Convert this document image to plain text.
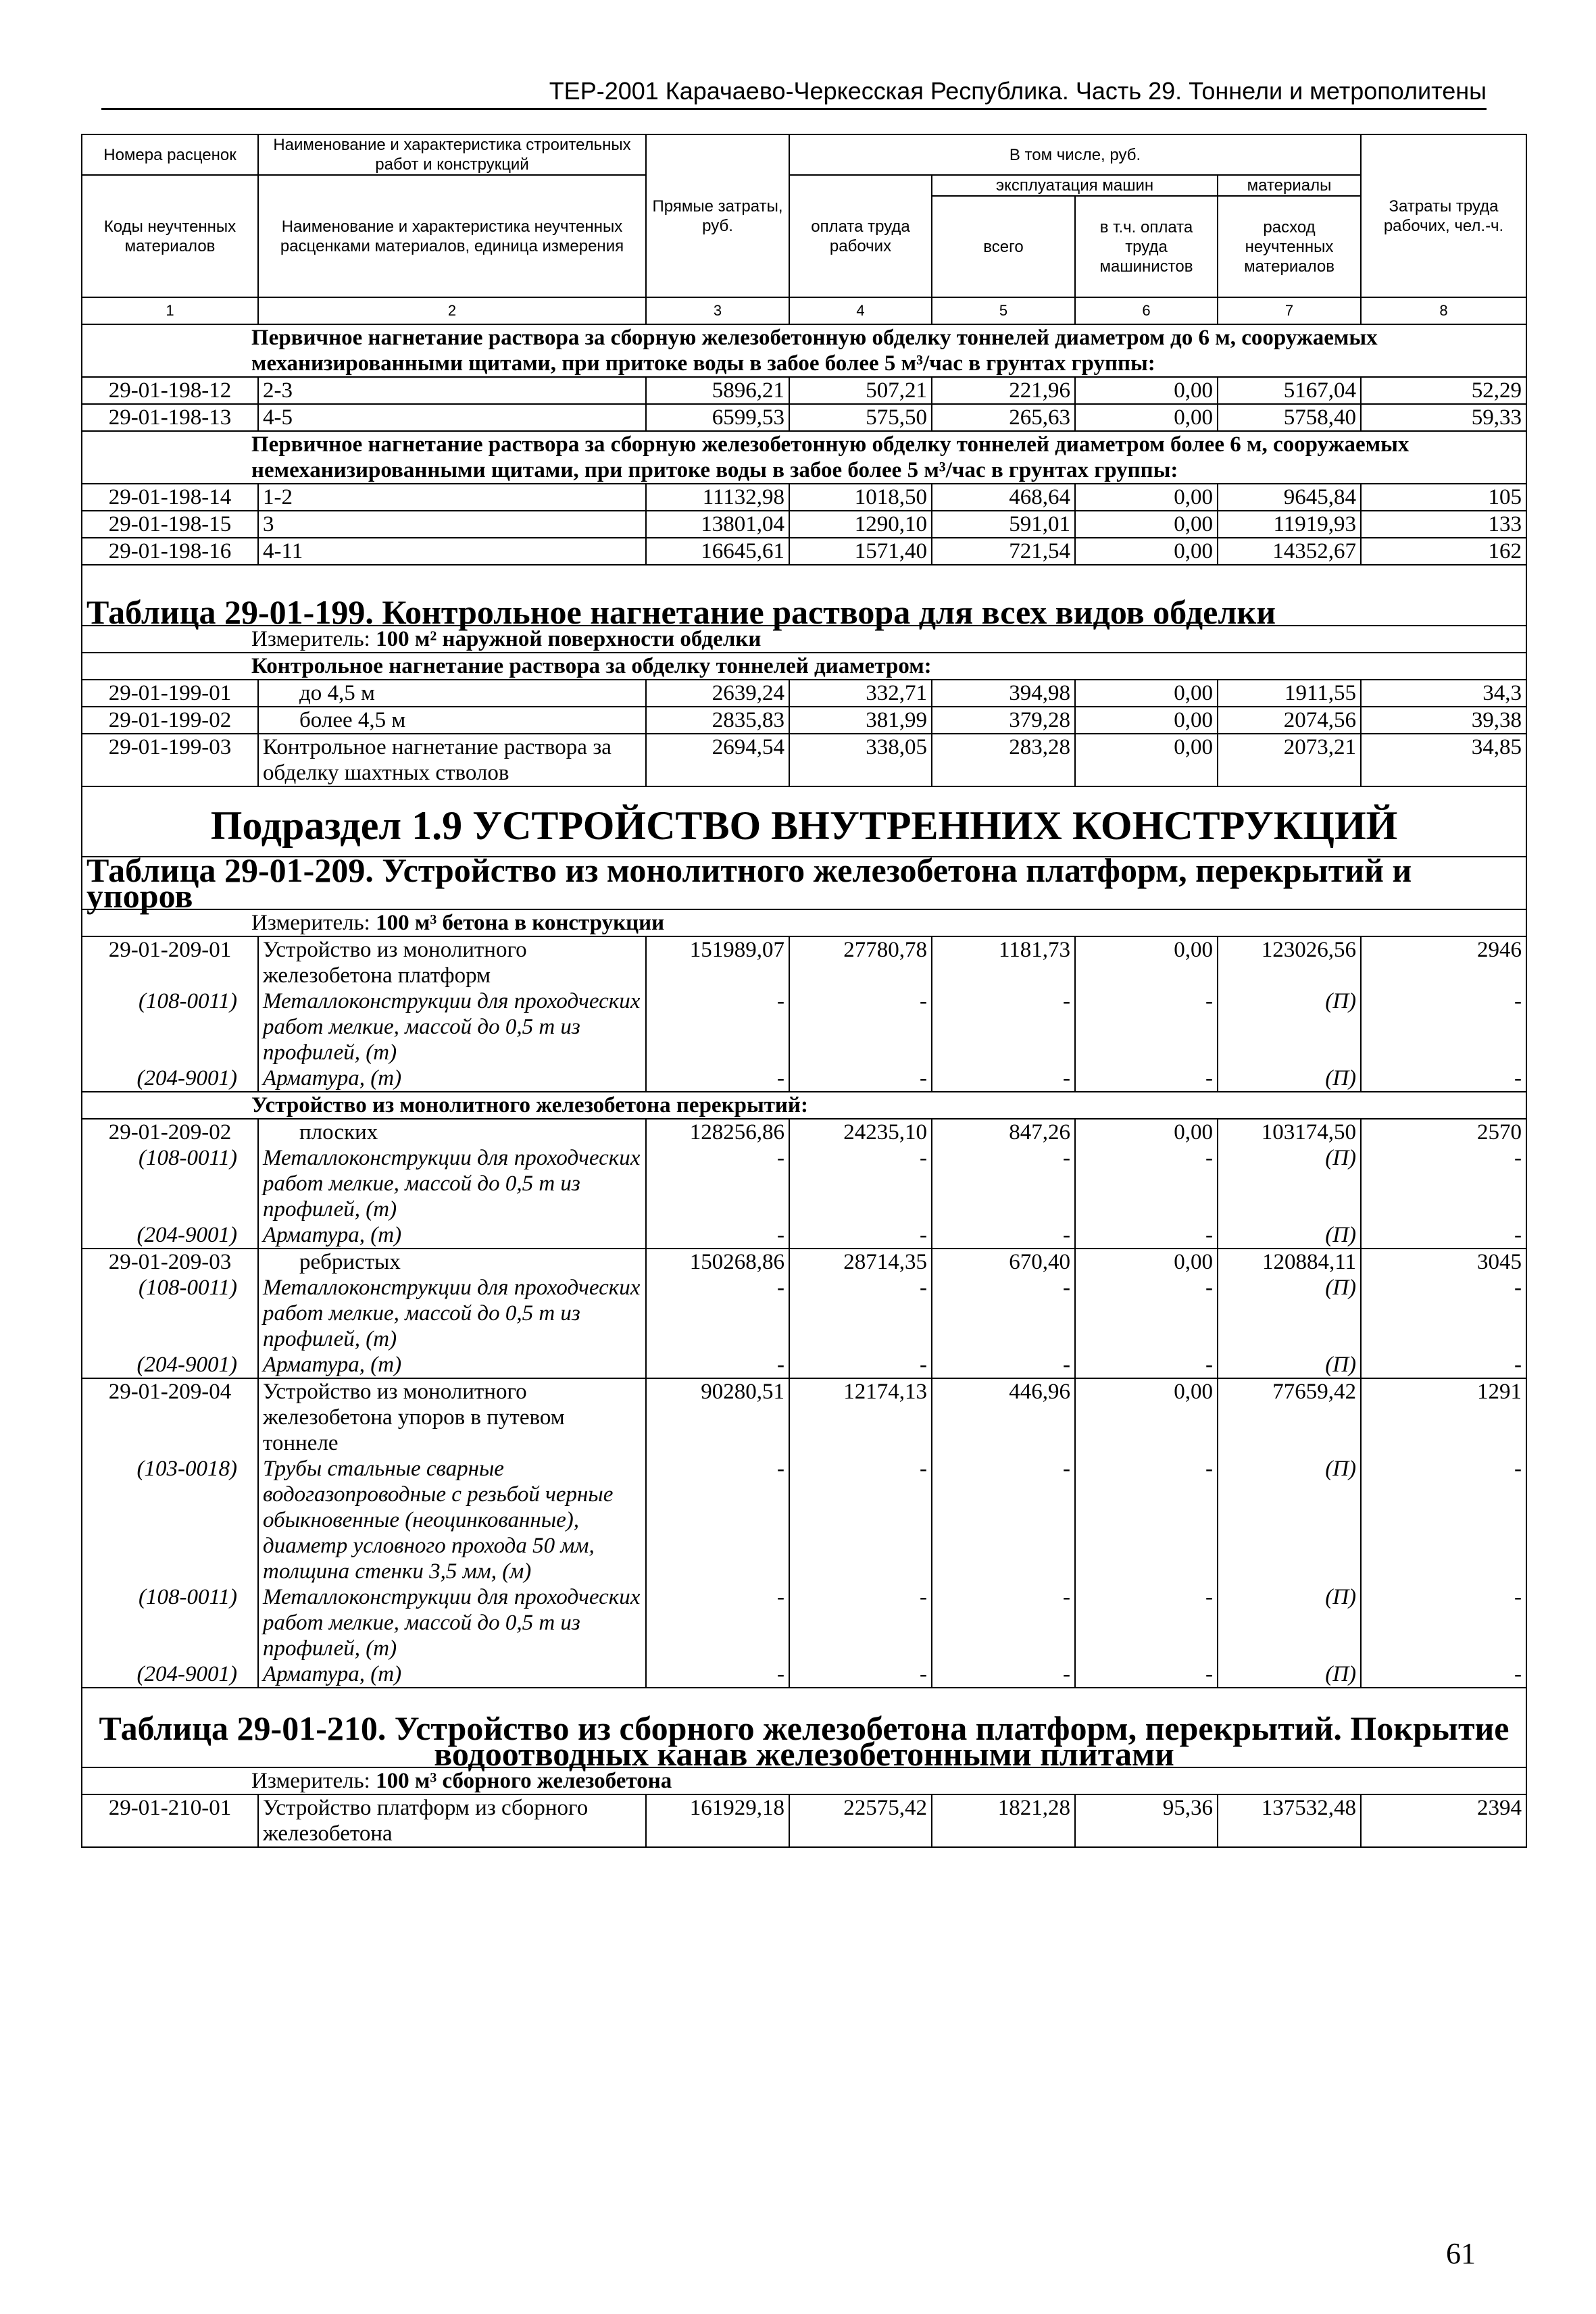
ТЕР-2001 Карачаево-Черкесская Республика. Часть 29. Тоннели и метрополитены
Номера расценок	Наименование и характеристика строительных работ и конструкций	Прямые затраты, руб.	В том числе, руб.				Затраты труда рабочих, чел.-ч.
Коды неучтенных материалов	Наименование и характеристика неучтенных расценками материалов, единица измерения		оплата труда рабочих	эксплуатация машин		материалы	
				всего	в т.ч. оплата труда машинистов	расход неучтенных материалов	

1	2	3	4	5	6	7	8
Первичное нагнетание раствора за сборную железобетонную обделку тоннелей диаметром до 6 м, сооружаемых механизированными щитами, при притоке воды в забое более 5 м³/час в грунтах группы:							
29-01-198-12	2-3	5896,21	507,21	221,96	0,00	5167,04	52,29
29-01-198-13	4-5	6599,53	575,50	265,63	0,00	5758,40	59,33
Первичное нагнетание раствора за сборную железобетонную обделку тоннелей диаметром более 6 м, сооружаемых немеханизированными щитами, при притоке воды в забое более 5 м³/час в грунтах группы:							
29-01-198-14	1-2	11132,98	1018,50	468,64	0,00	9645,84	105
29-01-198-15	3	13801,04	1290,10	591,01	0,00	11919,93	133
29-01-198-16	4-11	16645,61	1571,40	721,54	0,00	14352,67	162
Таблица 29-01-199. Контрольное нагнетание раствора для всех видов обделки							
Измеритель: 100 м² наружной поверхности обделки							
Контрольное нагнетание раствора за обделку тоннелей диаметром:							
29-01-199-01	до 4,5 м	2639,24	332,71	394,98	0,00	1911,55	34,3
29-01-199-02	более 4,5 м	2835,83	381,99	379,28	0,00	2074,56	39,38
29-01-199-03	Контрольное нагнетание раствора за обделку шахтных стволов	2694,54	338,05	283,28	0,00	2073,21	34,85
Подраздел 1.9 УСТРОЙСТВО ВНУТРЕННИХ КОНСТРУКЦИЙ							

Таблица 29-01-209. Устройство из монолитного железобетона платформ, перекрытий и упоров							

Измеритель: 100 м³ бетона в конструкции							
29-01-209-01	Устройство из монолитного железобетона платформ	151989,07	27780,78	1181,73	0,00	123026,56	2946
(108-0011)	Металлоконструкции для проходческих работ мелкие, массой до 0,5 т из профилей, (т)	-	-	-	-	(П)	-
(204-9001)	Арматура, (т)	-	-	-	-	(П)	-
Устройство из монолитного железобетона перекрытий:							
29-01-209-02	плоских	128256,86	24235,10	847,26	0,00	103174,50	2570
(108-0011)	Металлоконструкции для проходческих работ мелкие, массой до 0,5 т из профилей, (т)	-	-	-	-	(П)	-
(204-9001)	Арматура, (т)	-	-	-	-	(П)	-
29-01-209-03	ребристых	150268,86	28714,35	670,40	0,00	120884,11	3045
(108-0011)	Металлоконструкции для проходческих работ мелкие, массой до 0,5 т из профилей, (т)	-	-	-	-	(П)	-
(204-9001)	Арматура, (т)	-	-	-	-	(П)	-
29-01-209-04	Устройство из монолитного железобетона упоров в путевом тоннеле	90280,51	12174,13	446,96	0,00	77659,42	1291
(103-0018)	Трубы стальные сварные водогазопроводные с резьбой черные обыкновенные (неоцинкованные), диаметр условного прохода 50 мм, толщина стенки 3,5 мм, (м)	-	-	-	-	(П)	-
(108-0011)	Металлоконструкции для проходческих работ мелкие, массой до 0,5 т из профилей, (т)	-	-	-	-	(П)	-
(204-9001)	Арматура, (т)	-	-	-	-	(П)	-
Таблица 29-01-210. Устройство из сборного железобетона платформ, перекрытий. Покрытие водоотводных канав железобетонными плитами							
Измеритель: 100 м³ сборного железобетона							
29-01-210-01	Устройство платформ из сборного железобетона	161929,18	22575,42	1821,28	95,36	137532,48	2394
61
